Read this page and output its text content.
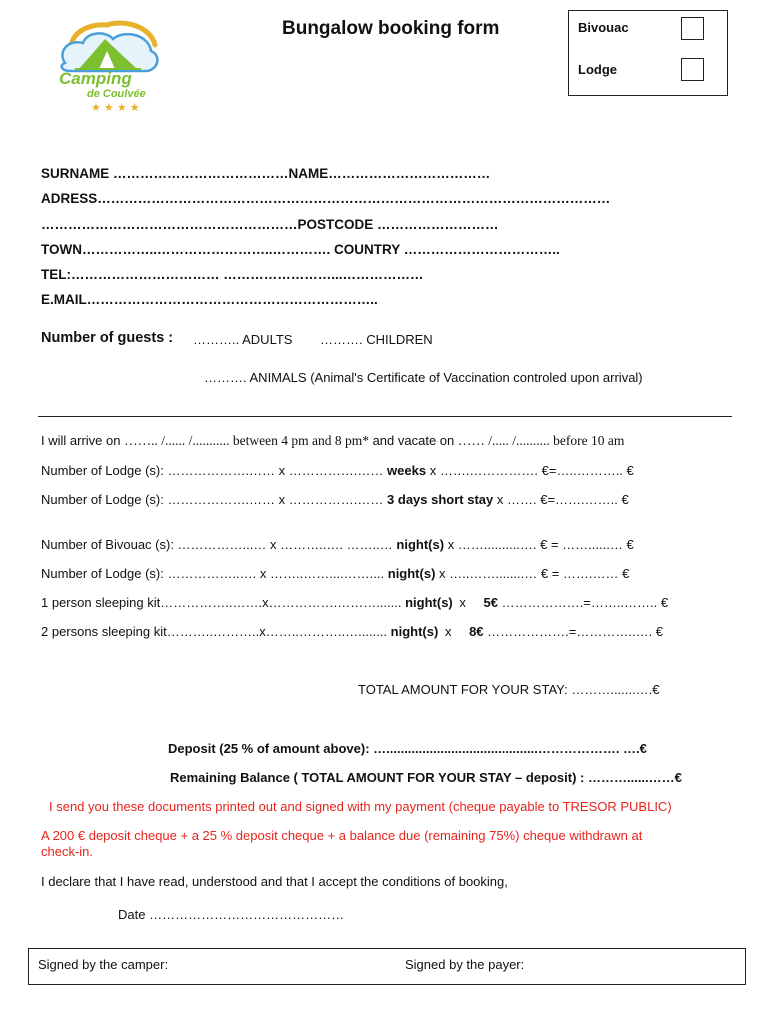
Camping
de Coulvée
★ ★ ★ ★
Bungalow booking form	Bivouac
Lodge
SURNAME …………………………………NAME………………………………
ADRESS……………………………………………………………………………………………………
…………………………………………………POSTCODE ………………………
TOWN……………..……………………..…………. COUNTRY ……………………………..
TEL:…………………………… ……………………...………………
E.MAIL………………………………………………………..
Number of guests : ……….. ADULTS ………. CHILDREN
………. ANIMALS (Animal's Certificate of Vaccination controled upon arrival)
I will arrive on …….. /...... /........... between 4 pm and 8 pm* and vacate on …… /..... /.......... before 10 am
Number of Lodge (s): ……………….…… x …………….…… weeks x …….……………. €=…..……….. €
Number of Lodge (s): ……………….…… x …………….…… 3 days short stay x ……. €=…….…….. €
Number of Bivouac (s): ……………...… x ………..…. ……..… night(s) x ……..........…. € = ……......… €
Number of Lodge (s): ……………..…. x ……..……....…….... night(s) x …..……........… € = …….…… €
1 person sleeping kit……………..…….x…………….………....... night(s) x 5€ ……………….=……..…….. €
2 persons sleeping kit………..………..x……..………..…........ night(s) x 8€ ……………….=…………..…. €
TOTAL AMOUNT FOR YOUR STAY: ……….......….€
Deposit (25 % of amount above): …..........................................………………. ….€
Remaining Balance ( TOTAL AMOUNT FOR YOUR STAY – deposit) : ………......……€
I send you these documents printed out and signed with my payment (cheque payable to TRESOR PUBLIC)
A 200 € deposit cheque + a 25 % deposit cheque + a balance due (remaining 75%) cheque withdrawn at
check-in.
I declare that I have read, understood and that I accept the conditions of booking,
Date ………………………………………
Signed by the camper:	Signed by the payer:
